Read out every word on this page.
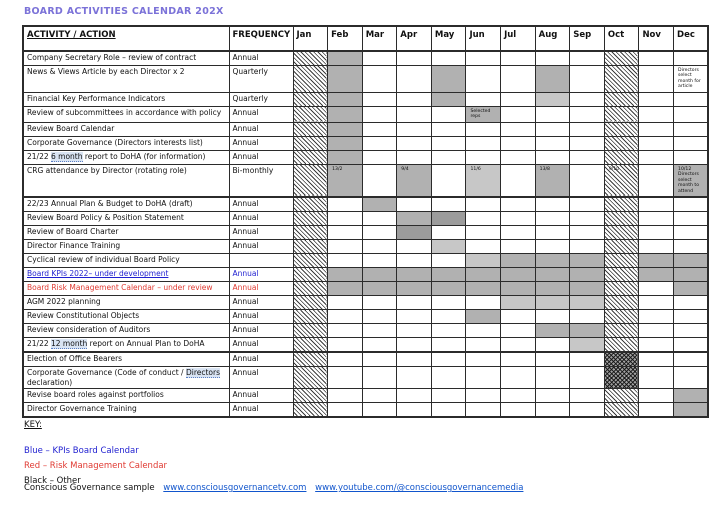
BOARD ACTIVITIES CALENDAR 202X
ACTIVITY / ACTION	FREQUENCY	Jan	Feb	Mar	Apr	May	Jun	Jul	Aug	Sep	Oct	Nov	Dec
Company Secretary Role – review of contract	Annual												
News & Views Article by each Director x 2	Quarterly												Directors select month for article

Financial Key Performance Indicators	Quarterly												
Review of subcommittees in accordance with policy	Annual						Selected reps						

Review Board Calendar	Annual												
Corporate Governance (Directors interests list)	Annual												
21/22 6 month report to DoHA (for information)	Annual												
CRG attendance by Director (rotating role)	Bi-monthly		13/2		9/4		11/6		13/8		9/10		10/12 Directors select month to attend

22/23 Annual Plan & Budget to DoHA (draft)	Annual												
Review Board Policy & Position Statement	Annual												
Review of Board Charter	Annual												
Director Finance Training	Annual												
Cyclical review of individual Board Policy													
Board KPIs 2022– under development	Annual												
Board Risk Management Calendar – under review	Annual												
AGM 2022 planning	Annual												
Review Constitutional Objects	Annual												
Review consideration of Auditors	Annual												
21/22 12 month report on Annual Plan to DoHA	Annual												
Election of Office Bearers	Annual												
Corporate Governance (Code of conduct / Directors declaration)	Annual												
Revise board roles against portfolios	Annual												
Director Governance Training	Annual												
KEY:
Blue – KPIs Board Calendar
Red – Risk Management Calendar
Black – Other
Conscious Governance sample www.consciousgovernancetv.com www.youtube.com/@consciousgovernancemedia
